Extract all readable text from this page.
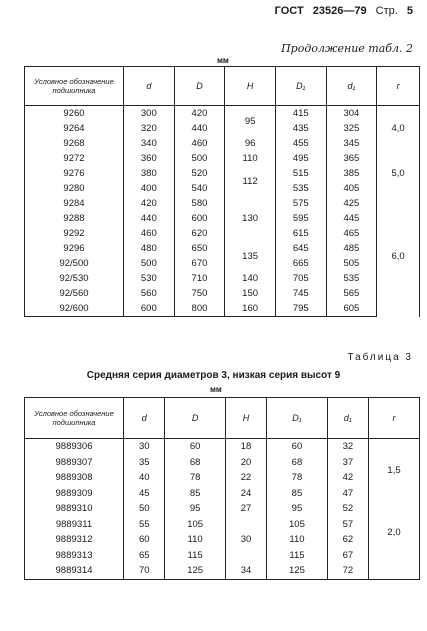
ГОСТ 23526—79 Стр. 5
Продолжение табл. 2
мм
Условное обозначение подшипника	d	D	H	D₁	d₁	r
9260	300	420	95	415	304	4,0
9264	320	440		435	325	
9268	340	460	96	455	345	
9272	360	500	110	495	365	5,0
9276	380	520	112	515	385	
9280	400	540		535	405	
9284	420	580	130	575	425	6,0
9288	440	600		595	445	
9292	460	620		615	465	
9296	480	650	135	645	485	
92/500	500	670		665	505	
92/530	530	710	140	705	535	
92/560	560	750	150	745	565	
92/600	600	800	160	795	605	
Таблица 3
Средняя серия диаметров 3, низкая серия высот 9
мм
Условное обозначение подшипника	d	D	H	D₁	d₁	r
9889306	30	60	18	60	32	1,5
9889307	35	68	20	68	37	
9889308	40	78	22	78	42	
9889309	45	85	24	85	47	
9889310	50	95	27	95	52	2,0
9889311	55	105	30	105	57	
9889312	60	110		110	62	
9889313	65	115		115	67	
9889314	70	125	34	125	72	
